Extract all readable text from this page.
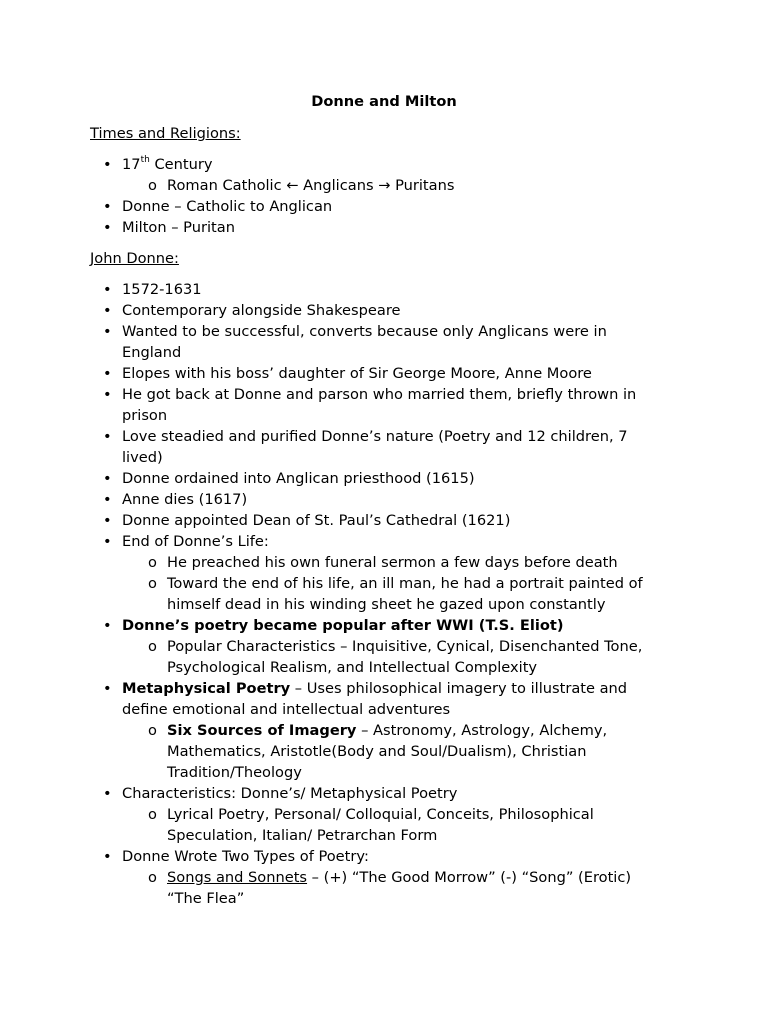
Donne and Milton
Times and Religions:
• 17th Century
o Roman Catholic ← Anglicans → Puritans
• Donne – Catholic to Anglican
• Milton – Puritan
John Donne:
• 1572-1631
• Contemporary alongside Shakespeare
• Wanted to be successful, converts because only Anglicans were in England
• Elopes with his boss’ daughter of Sir George Moore, Anne Moore
• He got back at Donne and parson who married them, briefly thrown in prison
• Love steadied and purified Donne’s nature (Poetry and 12 children, 7 lived)
• Donne ordained into Anglican priesthood (1615)
• Anne dies (1617)
• Donne appointed Dean of St. Paul’s Cathedral (1621)
• End of Donne’s Life:
o He preached his own funeral sermon a few days before death
o Toward the end of his life, an ill man, he had a portrait painted of himself dead in his winding sheet he gazed upon constantly
• Donne’s poetry became popular after WWI (T.S. Eliot)
o Popular Characteristics – Inquisitive, Cynical, Disenchanted Tone, Psychological Realism, and Intellectual Complexity
• Metaphysical Poetry – Uses philosophical imagery to illustrate and define emotional and intellectual adventures
o Six Sources of Imagery – Astronomy, Astrology, Alchemy, Mathematics, Aristotle(Body and Soul/Dualism), Christian Tradition/Theology
• Characteristics: Donne’s/ Metaphysical Poetry
o Lyrical Poetry, Personal/ Colloquial, Conceits, Philosophical Speculation, Italian/ Petrarchan Form
• Donne Wrote Two Types of Poetry:
o Songs and Sonnets – (+) “The Good Morrow” (-) “Song” (Erotic) “The Flea”
